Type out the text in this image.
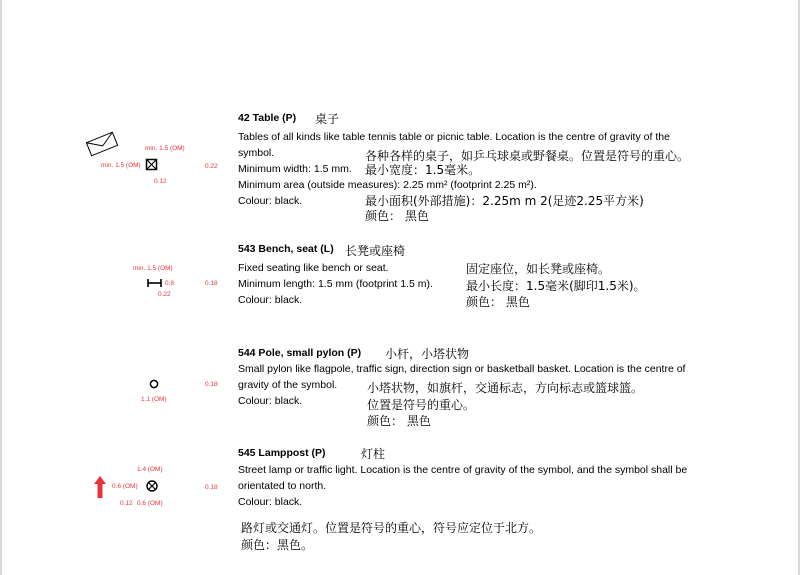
42 Table (P) 桌子
Tables of all kinds like table tennis table or picnic table. Location is the centre of gravity of the
symbol.	各种各样的桌子，如乒乓球桌或野餐桌。位置是符号的重心。
Minimum width: 1.5 mm. 最小宽度：1.5毫米。
Minimum area (outside measures): 2.25 mm² (footprint 2.25 m²).
Colour: black.	最小面积(外部措施)：2.25m m 2(足迹2.25平方米)
颜色： 黑色
min. 1.5 (OM)
min. 1.5 (OM)
0.12
0.22
543 Bench, seat (L) 长凳或座椅
Fixed seating like bench or seat.	固定座位，如长凳或座椅。
Minimum length: 1.5 mm (footprint 1.5 m).	最小长度：1.5毫米(脚印1.5米)。
Colour: black.	颜色： 黑色
min. 1.5 (OM)
0.8
0.22
0.18
544 Pole, small pylon (P) 小杆，小塔状物
Small pylon like flagpole, traffic sign, direction sign or basketball basket. Location is the centre of
gravity of the symbol. 小塔状物，如旗杆，交通标志，方向标志或篮球篮。
Colour: black.	位置是符号的重心。
颜色： 黑色
1.1 (OM)
0.18
545 Lamppost (P)	灯柱
Street lamp or traffic light. Location is the centre of gravity of the symbol, and the symbol shall be
orientated to north.
Colour: black.
路灯或交通灯。位置是符号的重心，符号应定位于北方。
颜色：黑色。
1.4 (OM)
0.6 (OM)
0.12 0.6 (OM)
0.18
